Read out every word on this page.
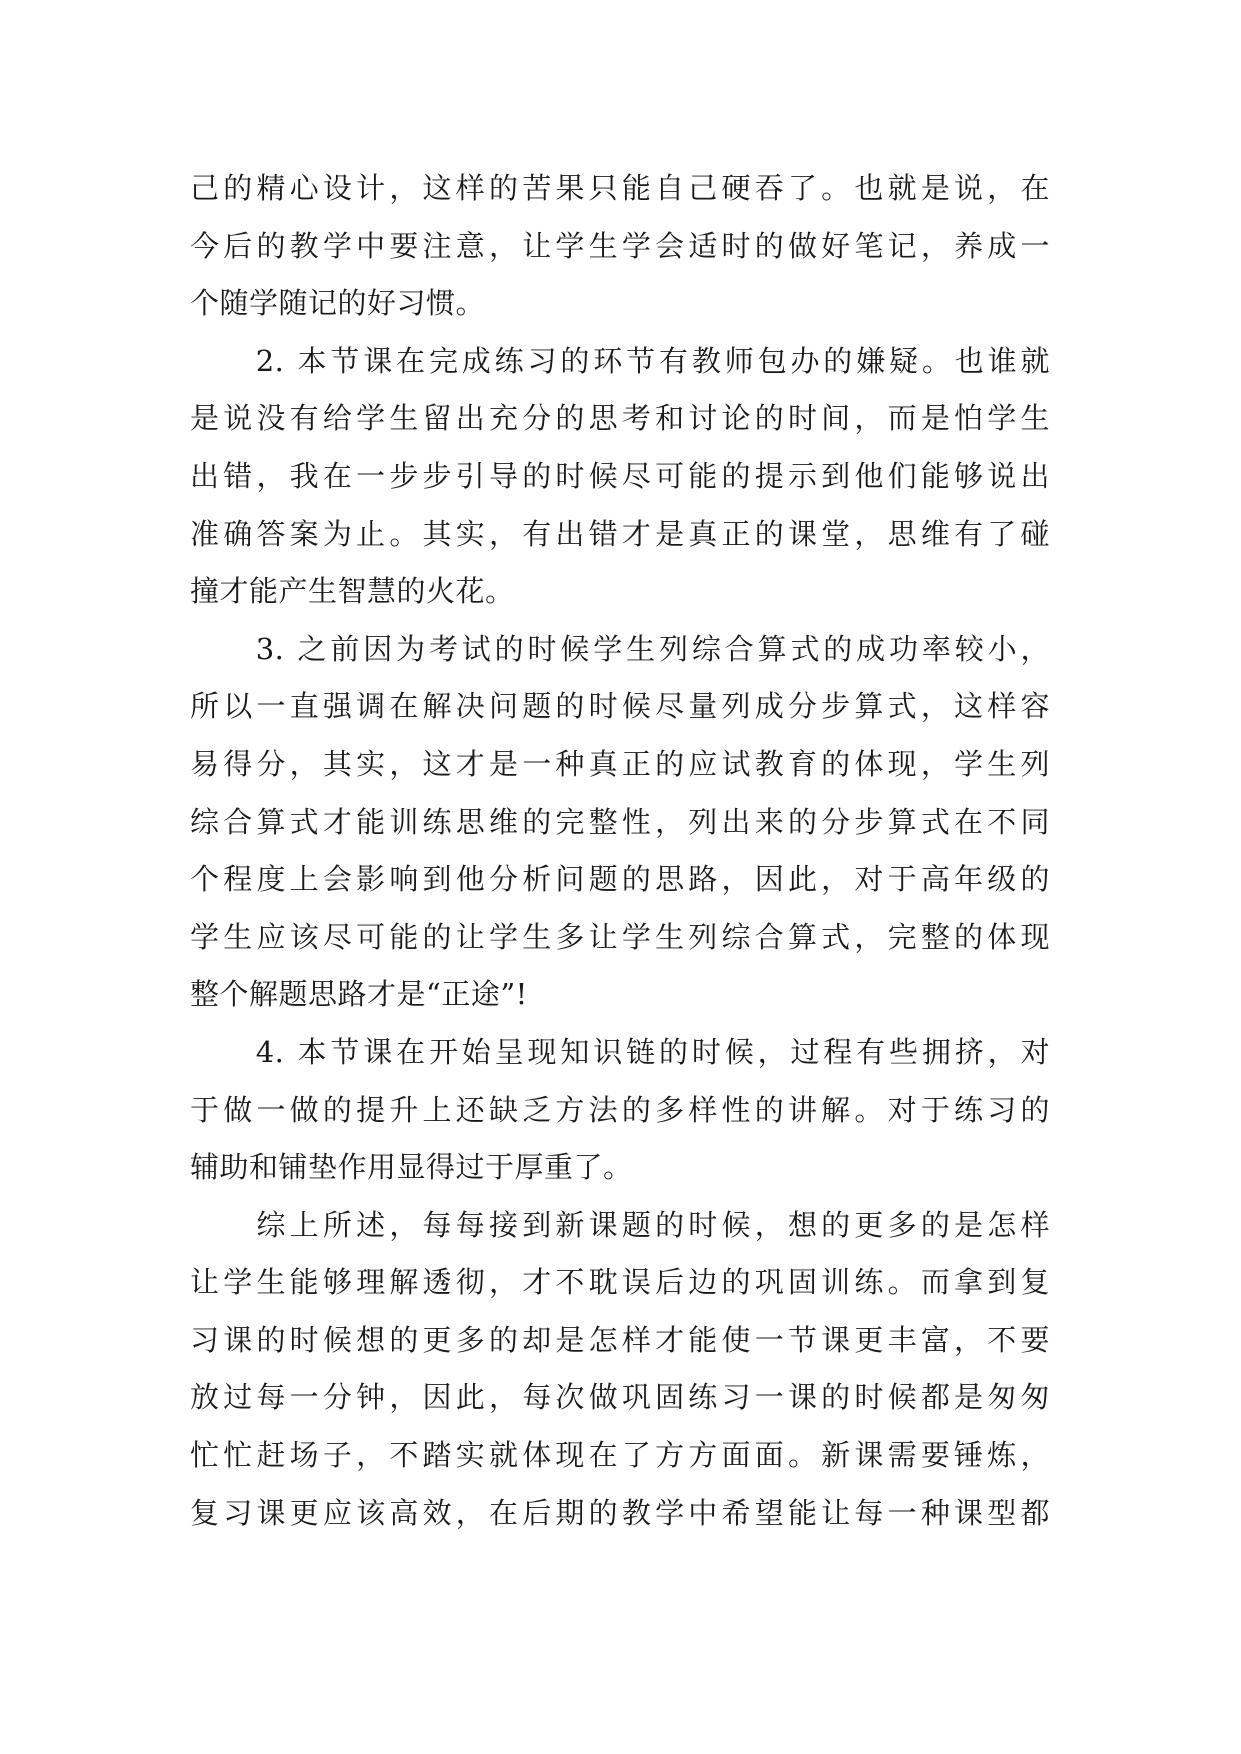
己的精心设计，这样的苦果只能自己硬吞了。也就是说，在
今后的教学中要注意，让学生学会适时的做好笔记，养成一
个随学随记的好习惯。
　　2. 本节课在完成练习的环节有教师包办的嫌疑。也谁就
是说没有给学生留出充分的思考和讨论的时间，而是怕学生
出错，我在一步步引导的时候尽可能的提示到他们能够说出
准确答案为止。其实，有出错才是真正的课堂，思维有了碰
撞才能产生智慧的火花。
　　3. 之前因为考试的时候学生列综合算式的成功率较小，
所以一直强调在解决问题的时候尽量列成分步算式，这样容
易得分，其实，这才是一种真正的应试教育的体现，学生列
综合算式才能训练思维的完整性，列出来的分步算式在不同
个程度上会影响到他分析问题的思路，因此，对于高年级的
学生应该尽可能的让学生多让学生列综合算式，完整的体现
整个解题思路才是“正途”!
　　4. 本节课在开始呈现知识链的时候，过程有些拥挤，对
于做一做的提升上还缺乏方法的多样性的讲解。对于练习的
辅助和铺垫作用显得过于厚重了。
　　综上所述，每每接到新课题的时候，想的更多的是怎样
让学生能够理解透彻，才不耽误后边的巩固训练。而拿到复
习课的时候想的更多的却是怎样才能使一节课更丰富，不要
放过每一分钟，因此，每次做巩固练习一课的时候都是匆匆
忙忙赶场子，不踏实就体现在了方方面面。新课需要锤炼，
复习课更应该高效，在后期的教学中希望能让每一种课型都
